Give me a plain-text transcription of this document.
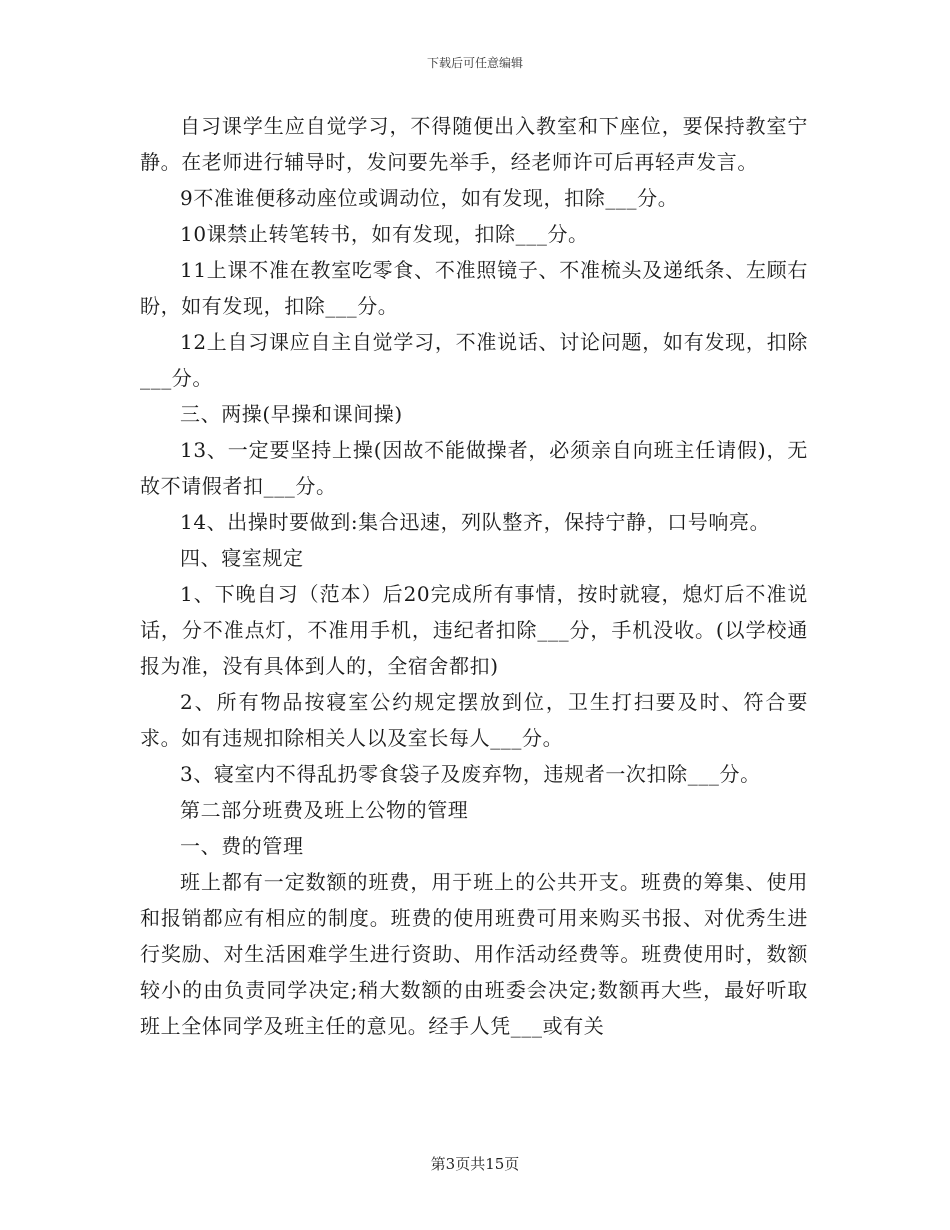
下载后可任意编辑

自习课学生应自觉学习，不得随便出入教室和下座位，要保持教室宁静。在老师进行辅导时，发问要先举手，经老师许可后再轻声发言。

9不准谁便移动座位或调动位，如有发现，扣除___分。

10课禁止转笔转书，如有发现，扣除___分。

11上课不准在教室吃零食、不准照镜子、不准梳头及递纸条、左顾右盼，如有发现，扣除___分。

12上自习课应自主自觉学习，不准说话、讨论问题，如有发现，扣除___分。

三、两操(早操和课间操)

13、一定要坚持上操(因故不能做操者，必须亲自向班主任请假)，无故不请假者扣___分。

14、出操时要做到:集合迅速，列队整齐，保持宁静，口号响亮。

四、寝室规定

1、下晚自习（范本）后20完成所有事情，按时就寝，熄灯后不准说话，分不准点灯，不准用手机，违纪者扣除___分，手机没收。(以学校通报为准，没有具体到人的，全宿舍都扣)

2、所有物品按寝室公约规定摆放到位，卫生打扫要及时、符合要求。如有违规扣除相关人以及室长每人___分。

3、寝室内不得乱扔零食袋子及废弃物，违规者一次扣除___分。

第二部分班费及班上公物的管理

一、费的管理

班上都有一定数额的班费，用于班上的公共开支。班费的筹集、使用和报销都应有相应的制度。班费的使用班费可用来购买书报、对优秀生进行奖励、对生活困难学生进行资助、用作活动经费等。班费使用时，数额较小的由负责同学决定;稍大数额的由班委会决定;数额再大些，最好听取班上全体同学及班主任的意见。经手人凭___或有关

第3页共15页
